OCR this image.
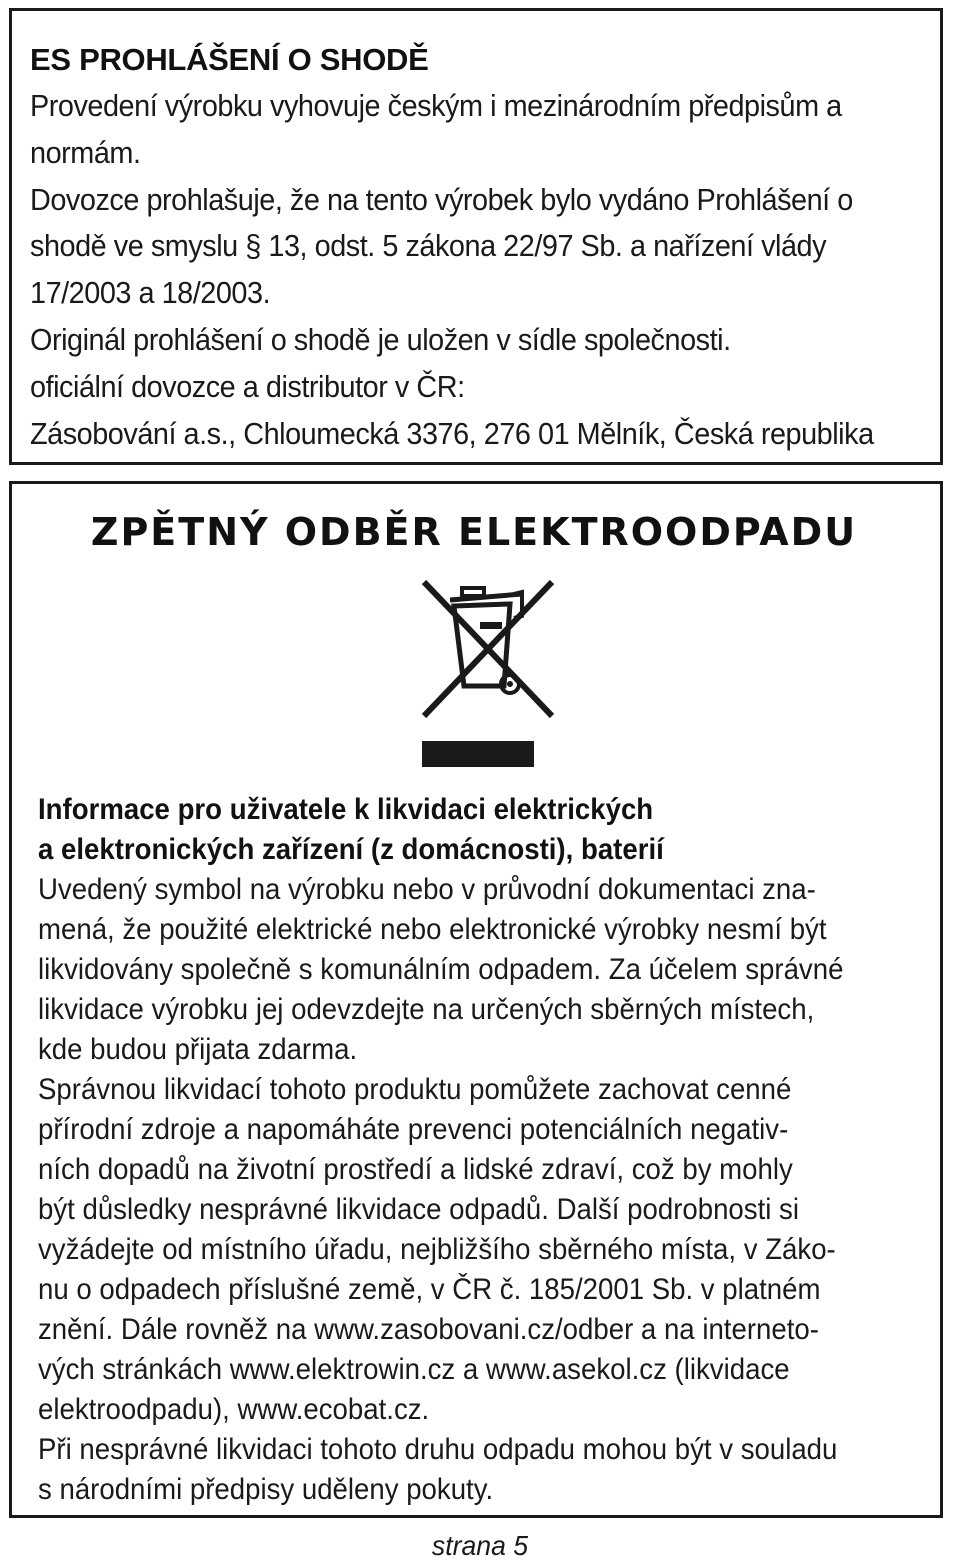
ES PROHLÁŠENÍ O SHODĚ
Provedení výrobku vyhovuje českým i mezinárodním předpisům a
normám.
Dovozce prohlašuje, že na tento výrobek bylo vydáno Prohlášení o
shodě ve smyslu § 13, odst. 5 zákona 22/97 Sb. a nařízení vlády
17/2003 a 18/2003.
Originál prohlášení o shodě je uložen v sídle společnosti.
oficiální dovozce a distributor v ČR:
Zásobování a.s., Chloumecká 3376, 276 01 Mělník, Česká republika
ZPĚTNÝ ODBĚR ELEKTROODPADU
Informace pro uživatele k likvidaci elektrických
a elektronických zařízení (z domácnosti), baterií
Uvedený symbol na výrobku nebo v průvodní dokumentaci zna-
mená, že použité elektrické nebo elektronické výrobky nesmí být
likvidovány společně s komunálním odpadem. Za účelem správné
likvidace výrobku jej odevzdejte na určených sběrných místech,
kde budou přijata zdarma.
Správnou likvidací tohoto produktu pomůžete zachovat cenné
přírodní zdroje a napomáháte prevenci potenciálních negativ-
ních dopadů na životní prostředí a lidské zdraví, což by mohly
být důsledky nesprávné likvidace odpadů. Další podrobnosti si
vyžádejte od místního úřadu, nejbližšího sběrného místa, v Záko-
nu o odpadech příslušné země, v ČR č. 185/2001 Sb. v platném
znění. Dále rovněž na www.zasobovani.cz/odber a na interneto-
vých stránkách www.elektrowin.cz a www.asekol.cz (likvidace
elektroodpadu), www.ecobat.cz.
Při nesprávné likvidaci tohoto druhu odpadu mohou být v souladu
s národními předpisy uděleny pokuty.
strana 5
